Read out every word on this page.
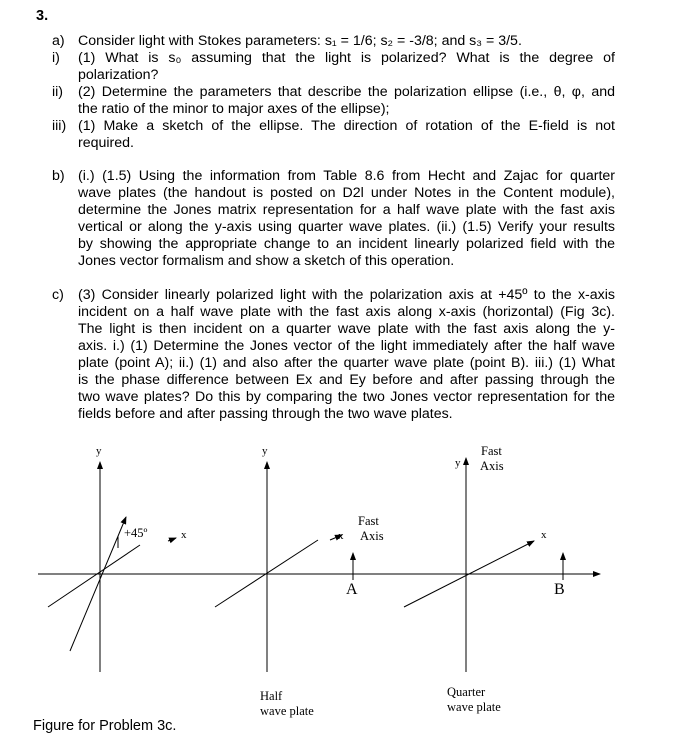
3.
a) Consider light with Stokes parameters: s₁ = 1/6; s₂ = -3/8; and s₃ = 3/5.
i) (1) What is s₀ assuming that the light is polarized? What is the degree of
polarization?
ii) (2) Determine the parameters that describe the polarization ellipse (i.e., θ, φ, and
the ratio of the minor to major axes of the ellipse);
iii) (1) Make a sketch of the ellipse. The direction of rotation of the E-field is not
required.
b) (i.) (1.5) Using the information from Table 8.6 from Hecht and Zajac for quarter
wave plates (the handout is posted on D2l under Notes in the Content module),
determine the Jones matrix representation for a half wave plate with the fast axis
vertical or along the y-axis using quarter wave plates. (ii.) (1.5) Verify your results
by showing the appropriate change to an incident linearly polarized field with the
Jones vector formalism and show a sketch of this operation.
c) (3) Consider linearly polarized light with the polarization axis at +45º to the x-axis
incident on a half wave plate with the fast axis along x-axis (horizontal) (Fig 3c).
The light is then incident on a quarter wave plate with the fast axis along the y-
axis. i.) (1) Determine the Jones vector of the light immediately after the half wave
plate (point A); ii.) (1) and also after the quarter wave plate (point B). iii.) (1) What
is the phase difference between Ex and Ey before and after passing through the
two wave plates? Do this by comparing the two Jones vector representation for the
fields before and after passing through the two wave plates.
y
+45º	x
y
Fast
x Axis
A
y
Fast
Axis
x
B
Half
wave plate
Quarter
wave plate
Figure for Problem 3c.
